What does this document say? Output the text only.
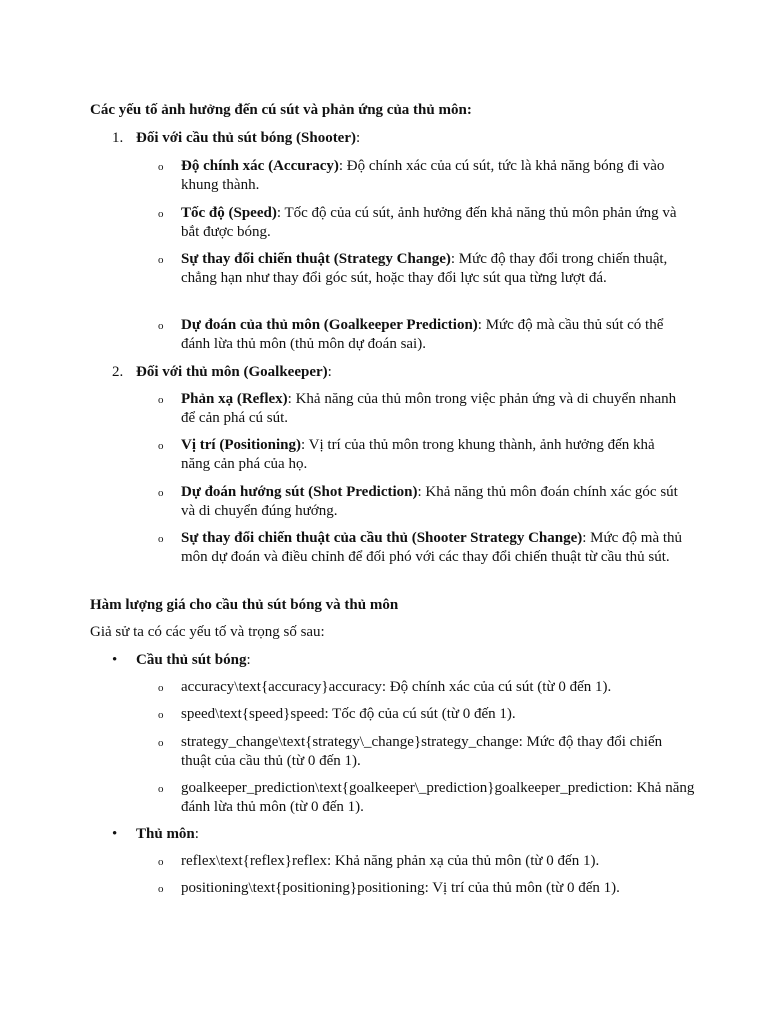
Các yếu tố ảnh hưởng đến cú sút và phản ứng của thủ môn:
1. Đối với cầu thủ sút bóng (Shooter):
o Độ chính xác (Accuracy): Độ chính xác của cú sút, tức là khả năng bóng đi vào khung thành.
o Tốc độ (Speed): Tốc độ của cú sút, ảnh hưởng đến khả năng thủ môn phản ứng và bắt được bóng.
o Sự thay đổi chiến thuật (Strategy Change): Mức độ thay đổi trong chiến thuật, chẳng hạn như thay đổi góc sút, hoặc thay đổi lực sút qua từng lượt đá.
o Dự đoán của thủ môn (Goalkeeper Prediction): Mức độ mà cầu thủ sút có thể đánh lừa thủ môn (thủ môn dự đoán sai).
2. Đối với thủ môn (Goalkeeper):
o Phản xạ (Reflex): Khả năng của thủ môn trong việc phản ứng và di chuyển nhanh để cản phá cú sút.
o Vị trí (Positioning): Vị trí của thủ môn trong khung thành, ảnh hưởng đến khả năng cản phá của họ.
o Dự đoán hướng sút (Shot Prediction): Khả năng thủ môn đoán chính xác góc sút và di chuyển đúng hướng.
o Sự thay đổi chiến thuật của cầu thủ (Shooter Strategy Change): Mức độ mà thủ môn dự đoán và điều chỉnh để đối phó với các thay đổi chiến thuật từ cầu thủ sút.
Hàm lượng giá cho cầu thủ sút bóng và thủ môn
Giả sử ta có các yếu tố và trọng số sau:
• Cầu thủ sút bóng:
o accuracy\text{accuracy}accuracy: Độ chính xác của cú sút (từ 0 đến 1).
o speed\text{speed}speed: Tốc độ của cú sút (từ 0 đến 1).
o strategy_change\text{strategy\_change}strategy_change: Mức độ thay đổi chiến thuật của cầu thủ (từ 0 đến 1).
o goalkeeper_prediction\text{goalkeeper\_prediction}goalkeeper_prediction: Khả năng đánh lừa thủ môn (từ 0 đến 1).
• Thủ môn:
o reflex\text{reflex}reflex: Khả năng phản xạ của thủ môn (từ 0 đến 1).
o positioning\text{positioning}positioning: Vị trí của thủ môn (từ 0 đến 1).
